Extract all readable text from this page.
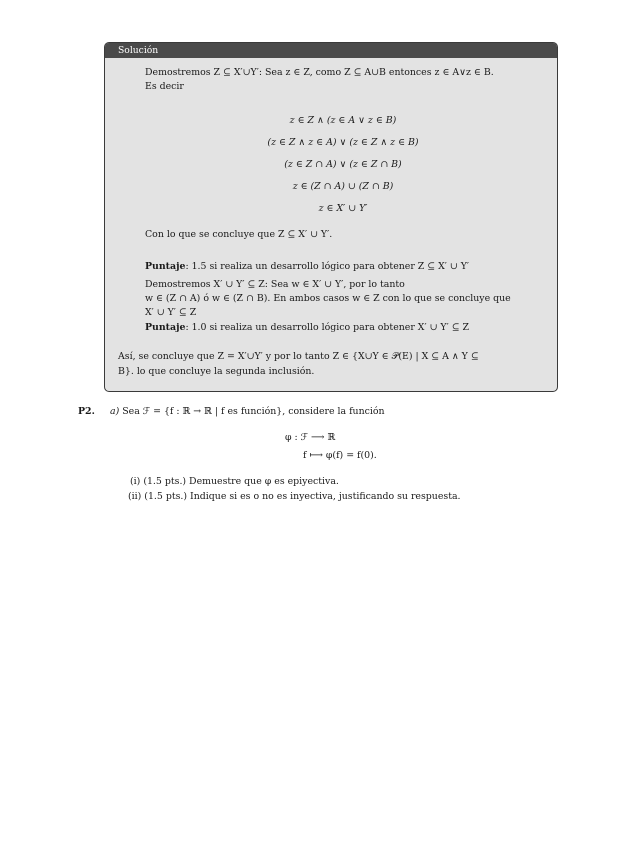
Solución
Demostremos Z ⊆ X′∪Y′: Sea z ∈ Z, como Z ⊆ A∪B entonces z ∈ A∨z ∈ B.
Es decir
z ∈ Z ∧ (z ∈ A ∨ z ∈ B)
(z ∈ Z ∧ z ∈ A) ∨ (z ∈ Z ∧ z ∈ B)
(z ∈ Z ∩ A) ∨ (z ∈ Z ∩ B)
z ∈ (Z ∩ A) ∪ (Z ∩ B)
z ∈ X′ ∪ Y′
Con lo que se concluye que Z ⊆ X′ ∪ Y′.
Puntaje: 1.5 si realiza un desarrollo lógico para obtener Z ⊆ X′ ∪ Y′
Demostremos X′ ∪ Y′ ⊆ Z: Sea w ∈ X′ ∪ Y′, por lo tanto
w ∈ (Z ∩ A) ó w ∈ (Z ∩ B). En ambos casos w ∈ Z con lo que se concluye que
X′ ∪ Y′ ⊆ Z
Puntaje: 1.0 si realiza un desarrollo lógico para obtener X′ ∪ Y′ ⊆ Z
Así, se concluye que Z = X′∪Y′ y por lo tanto Z ∈ {X∪Y ∈ 𝒫(E) | X ⊆ A ∧ Y ⊆
B}. lo que concluye la segunda inclusión.
P2. a) Sea ℱ = {f : ℝ → ℝ | f es función}, considere la función
φ : ℱ ⟶ ℝ
f ⟼ φ(f) = f(0).
(i) (1.5 pts.) Demuestre que φ es epiyectiva.
(ii) (1.5 pts.) Indique si es o no es inyectiva, justificando su respuesta.
